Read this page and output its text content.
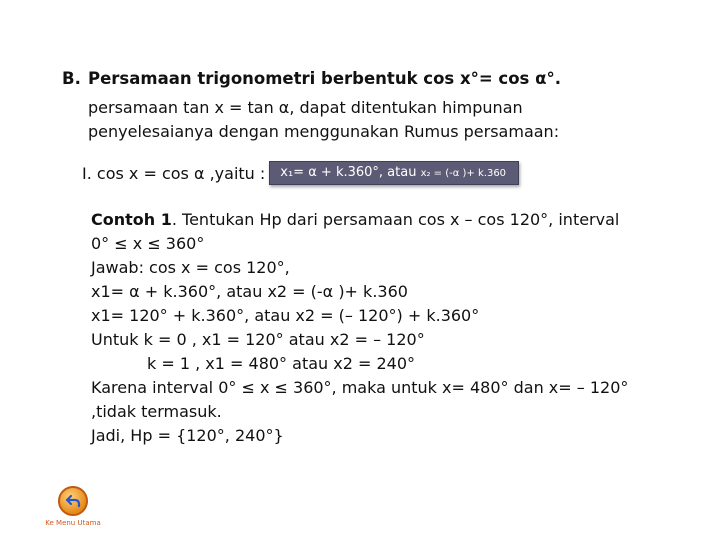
B. Persamaan trigonometri berbentuk cos x°= cos α°.
persamaan tan x = tan α, dapat ditentukan himpunan
penyelesaianya dengan menggunakan Rumus persamaan:
I. cos x = cos α ,yaitu :	x₁= α + k.360°, atau x₂ = (-α )+ k.360
Contoh 1. Tentukan Hp dari persamaan cos x – cos 120°, interval
0° ≤ x ≤ 360°
Jawab: cos x = cos 120°,
x1= α + k.360°, atau x2 = (-α )+ k.360
x1= 120° + k.360°, atau x2 = (– 120°) + k.360°
Untuk k = 0 , x1 = 120° atau x2 = – 120°
k = 1 , x1 = 480° atau x2 = 240°
Karena interval 0° ≤ x ≤ 360°, maka untuk x= 480° dan x= – 120°
,tidak termasuk.
Jadi, Hp = {120°, 240°}
Ke Menu Utama
